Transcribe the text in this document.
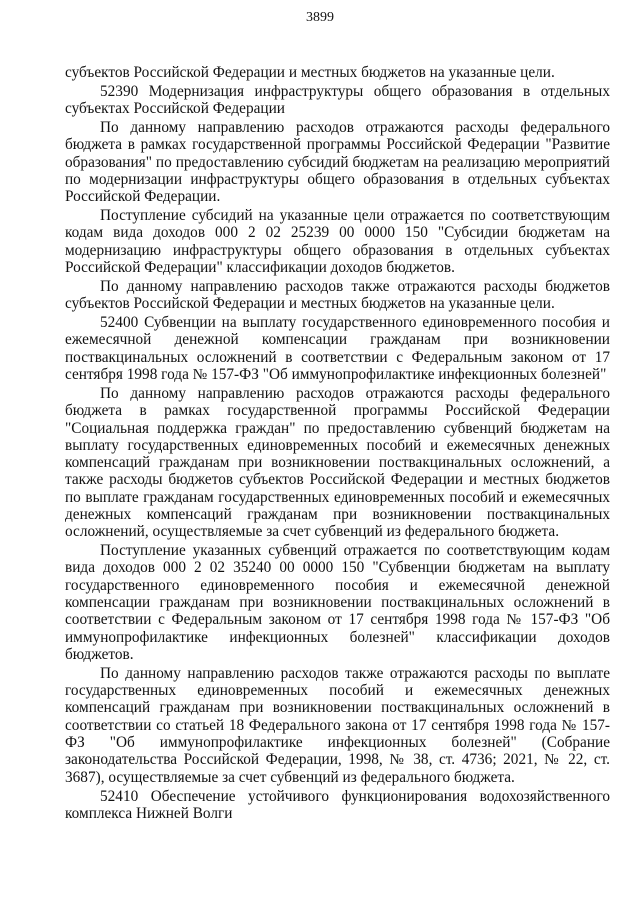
3899

субъектов Российской Федерации и местных бюджетов на указанные цели.

52390 Модернизация инфраструктуры общего образования в отдельных субъектах Российской Федерации

По данному направлению расходов отражаются расходы федерального бюджета в рамках государственной программы Российской Федерации "Развитие образования" по предоставлению субсидий бюджетам на реализацию мероприятий по модернизации инфраструктуры общего образования в отдельных субъектах Российской Федерации.

Поступление субсидий на указанные цели отражается по соответствующим кодам вида доходов 000 2 02 25239 00 0000 150 "Субсидии бюджетам на модернизацию инфраструктуры общего образования в отдельных субъектах Российской Федерации" классификации доходов бюджетов.

По данному направлению расходов также отражаются расходы бюджетов субъектов Российской Федерации и местных бюджетов на указанные цели.

52400 Субвенции на выплату государственного единовременного пособия и ежемесячной денежной компенсации гражданам при возникновении поствакцинальных осложнений в соответствии с Федеральным законом от 17 сентября 1998 года № 157-ФЗ "Об иммунопрофилактике инфекционных болезней"

По данному направлению расходов отражаются расходы федерального бюджета в рамках государственной программы Российской Федерации "Социальная поддержка граждан" по предоставлению субвенций бюджетам на выплату государственных единовременных пособий и ежемесячных денежных компенсаций гражданам при возникновении поствакцинальных осложнений, а также расходы бюджетов субъектов Российской Федерации и местных бюджетов по выплате гражданам государственных единовременных пособий и ежемесячных денежных компенсаций гражданам при возникновении поствакцинальных осложнений, осуществляемые за счет субвенций из федерального бюджета.

Поступление указанных субвенций отражается по соответствующим кодам вида доходов 000 2 02 35240 00 0000 150 "Субвенции бюджетам на выплату государственного единовременного пособия и ежемесячной денежной компенсации гражданам при возникновении поствакцинальных осложнений в соответствии с Федеральным законом от 17 сентября 1998 года № 157-ФЗ "Об иммунопрофилактике инфекционных болезней" классификации доходов бюджетов.

По данному направлению расходов также отражаются расходы по выплате государственных единовременных пособий и ежемесячных денежных компенсаций гражданам при возникновении поствакцинальных осложнений в соответствии со статьей 18 Федерального закона от 17 сентября 1998 года № 157-ФЗ "Об иммунопрофилактике инфекционных болезней" (Собрание законодательства Российской Федерации, 1998, № 38, ст. 4736; 2021, № 22, ст. 3687), осуществляемые за счет субвенций из федерального бюджета.

52410 Обеспечение устойчивого функционирования водохозяйственного комплекса Нижней Волги
